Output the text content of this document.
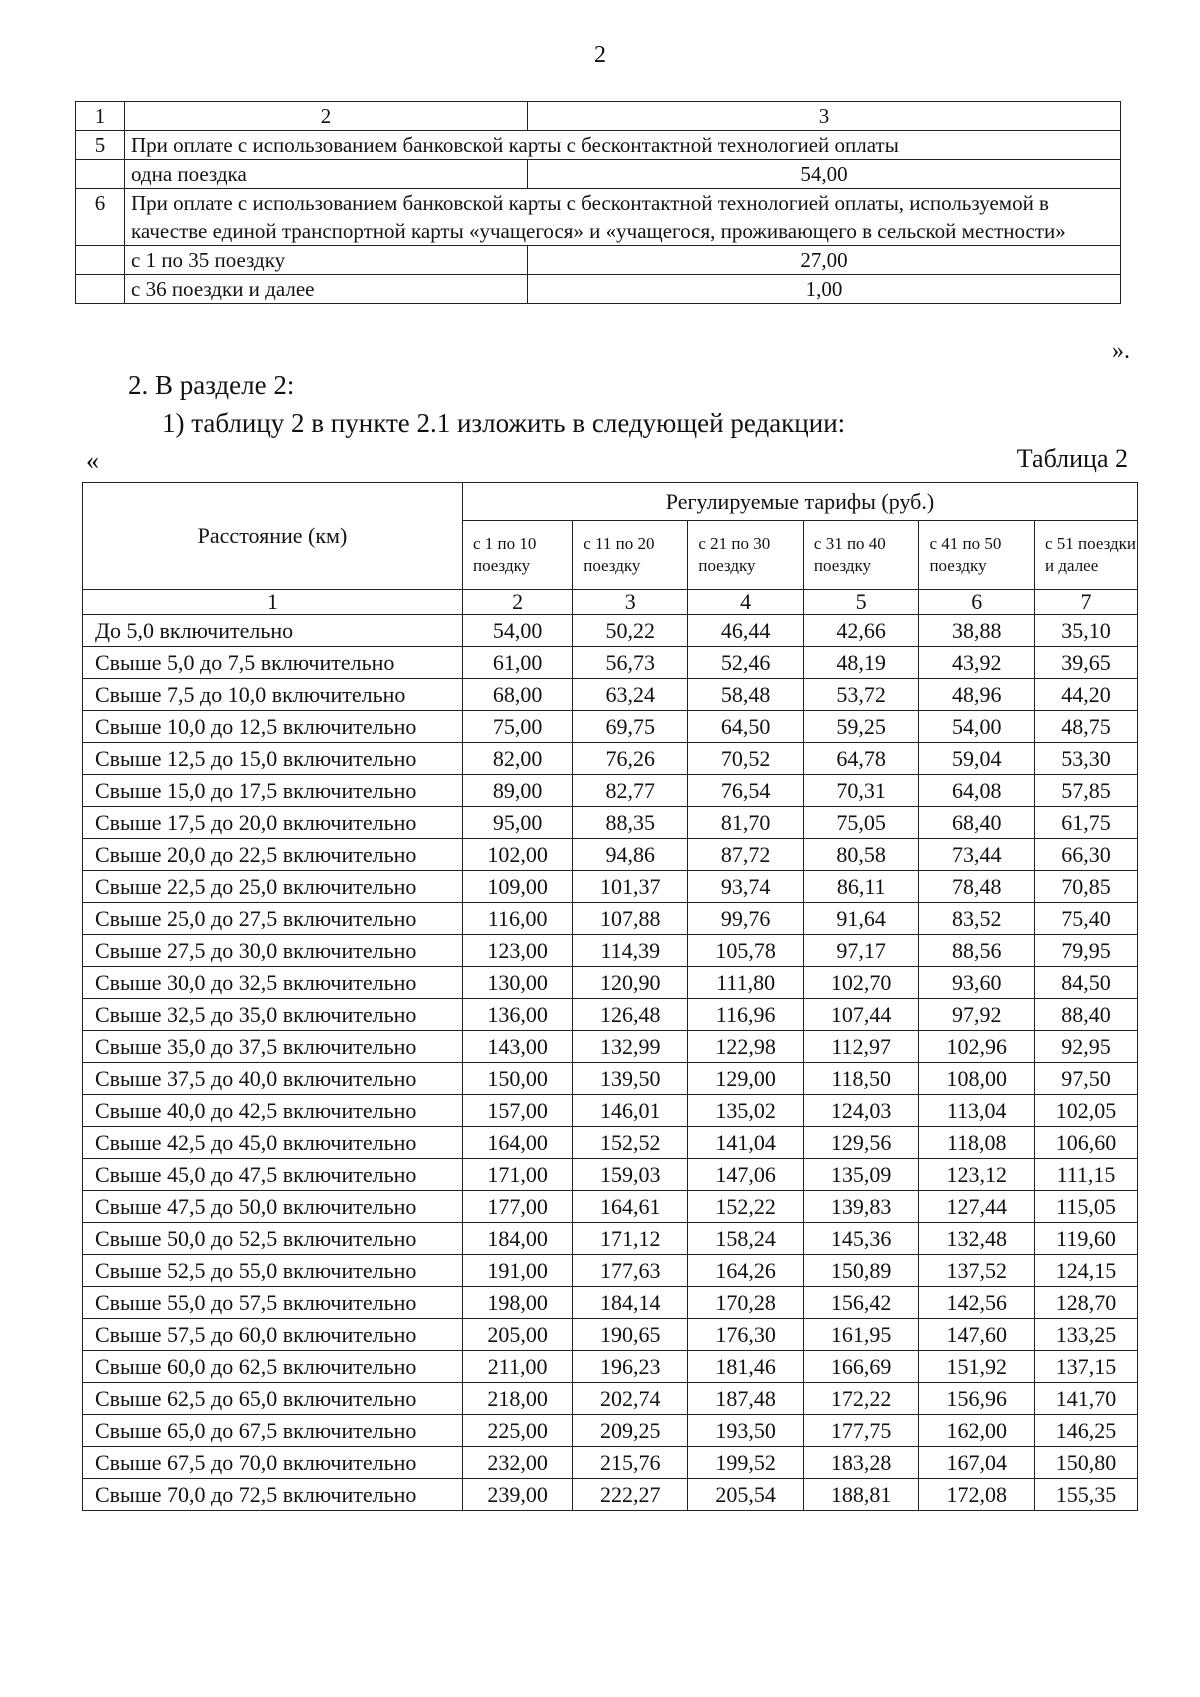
2
1	2	3
5	При оплате с использованием банковской карты с бесконтактной технологией оплаты	
	одна поездка	54,00
6	При оплате с использованием банковской карты с бесконтактной технологией оплаты, используемой в качестве единой транспортной карты «учащегося» и «учащегося, проживающего в сельской местности»	
	с 1 по 35 поездку	27,00
	с 36 поездки и далее	1,00
».
2. В разделе 2:
1) таблицу 2 в пункте 2.1 изложить в следующей редакции:
«	Таблица 2
Расстояние (км)	Регулируемые тарифы (руб.)					
	с 1 по 10 поездку	с 11 по 20 поездку	с 21 по 30 поездку	с 31 по 40 поездку	с 41 по 50 поездку	с 51 поездки и далее
1	2	3	4	5	6	7
До 5,0 включительно	54,00	50,22	46,44	42,66	38,88	35,10
Свыше 5,0 до 7,5 включительно	61,00	56,73	52,46	48,19	43,92	39,65
Свыше 7,5 до 10,0 включительно	68,00	63,24	58,48	53,72	48,96	44,20
Свыше 10,0 до 12,5 включительно	75,00	69,75	64,50	59,25	54,00	48,75
Свыше 12,5 до 15,0 включительно	82,00	76,26	70,52	64,78	59,04	53,30
Свыше 15,0 до 17,5 включительно	89,00	82,77	76,54	70,31	64,08	57,85
Свыше 17,5 до 20,0 включительно	95,00	88,35	81,70	75,05	68,40	61,75
Свыше 20,0 до 22,5 включительно	102,00	94,86	87,72	80,58	73,44	66,30
Свыше 22,5 до 25,0 включительно	109,00	101,37	93,74	86,11	78,48	70,85
Свыше 25,0 до 27,5 включительно	116,00	107,88	99,76	91,64	83,52	75,40
Свыше 27,5 до 30,0 включительно	123,00	114,39	105,78	97,17	88,56	79,95
Свыше 30,0 до 32,5 включительно	130,00	120,90	111,80	102,70	93,60	84,50
Свыше 32,5 до 35,0 включительно	136,00	126,48	116,96	107,44	97,92	88,40
Свыше 35,0 до 37,5 включительно	143,00	132,99	122,98	112,97	102,96	92,95
Свыше 37,5 до 40,0 включительно	150,00	139,50	129,00	118,50	108,00	97,50
Свыше 40,0 до 42,5 включительно	157,00	146,01	135,02	124,03	113,04	102,05
Свыше 42,5 до 45,0 включительно	164,00	152,52	141,04	129,56	118,08	106,60
Свыше 45,0 до 47,5 включительно	171,00	159,03	147,06	135,09	123,12	111,15
Свыше 47,5 до 50,0 включительно	177,00	164,61	152,22	139,83	127,44	115,05
Свыше 50,0 до 52,5 включительно	184,00	171,12	158,24	145,36	132,48	119,60
Свыше 52,5 до 55,0 включительно	191,00	177,63	164,26	150,89	137,52	124,15
Свыше 55,0 до 57,5 включительно	198,00	184,14	170,28	156,42	142,56	128,70
Свыше 57,5 до 60,0 включительно	205,00	190,65	176,30	161,95	147,60	133,25
Свыше 60,0 до 62,5 включительно	211,00	196,23	181,46	166,69	151,92	137,15
Свыше 62,5 до 65,0 включительно	218,00	202,74	187,48	172,22	156,96	141,70
Свыше 65,0 до 67,5 включительно	225,00	209,25	193,50	177,75	162,00	146,25
Свыше 67,5 до 70,0 включительно	232,00	215,76	199,52	183,28	167,04	150,80
Свыше 70,0 до 72,5 включительно	239,00	222,27	205,54	188,81	172,08	155,35
